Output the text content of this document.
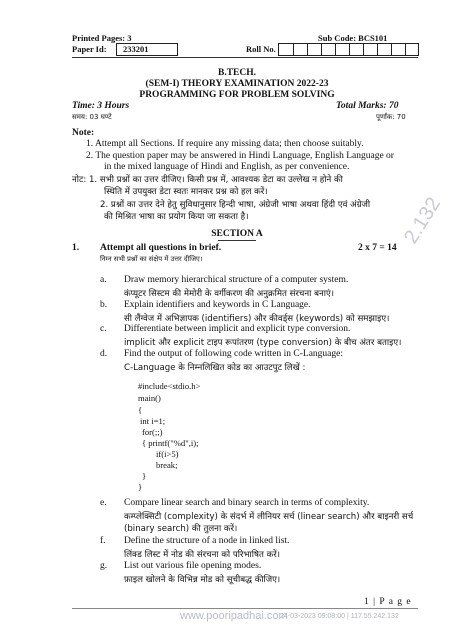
Printed Pages: 3	Sub Code: BCS101
Paper Id: 233201	Roll No.
B.TECH.
(SEM-I) THEORY EXAMINATION 2022-23
PROGRAMMING FOR PROBLEM SOLVING
Time: 3 Hours	Total Marks: 70
समय: 03 घण्टे	पूर्णांक: 70
Note:
1. Attempt all Sections. If require any missing data; then choose suitably.
2. The question paper may be answered in Hindi Language, English Language or
in the mixed language of Hindi and English, as per convenience.
नोट: 1. सभी प्रश्नों का उत्तर दीजिए। किसी प्रश्न में, आवश्यक डेटा का उल्लेख न होने की
स्थिति में उपयुक्त डेटा स्वतः मानकर प्रश्न को हल करें।
2. प्रश्नों का उत्तर देने हेतु सुविधानुसार हिन्दी भाषा, अंग्रेजी भाषा अथवा हिंदी एवं अंग्रेजी
की मिश्रित भाषा का प्रयोग किया जा सकता है।
SECTION A
1. Attempt all questions in brief.	2 x 7 = 14
निम्न सभी प्रश्नों का संक्षेप में उत्तर दीजिए।
a. Draw memory hierarchical structure of a computer system.
कंप्यूटर सिस्टम की मेमोरी के वर्गीकरण की अनुक्रमित संरचना बनाएं।
b. Explain identifiers and keywords in C Language.
सी लैंग्वेज में अभिज्ञापक (identifiers) और कीवर्ड्स (keywords) को समझाइए।
c. Differentiate between implicit and explicit type conversion.
implicit और explicit टाइप रूपांतरण (type conversion) के बीच अंतर बताइए।
d. Find the output of following code written in C-Language:
C-Language के निम्नलिखित कोड का आउटपुट लिखें :
#include<stdio.h>
main()
{
int i=1;
for(;;)
{ printf("%d",i);
if(i>5)
break;
}
}
e. Compare linear search and binary search in terms of complexity.
कम्प्लेक्सिटी (complexity) के संदर्भ में लीनियर सर्च (linear search) और बाइनरी सर्च
(binary search) की तुलना करें।
f. Define the structure of a node in linked list.
लिंक्ड लिस्ट में नोड की संरचना को परिभाषित करें।
g. List out various file opening modes.
फ़ाइल खोलने के विभिन्न मोड को सूचीबद्ध कीजिए।
2.132
1 | P a g e
www.pooripadhai.com
24-03-2023 09:08:00 | 117.55.242.132
